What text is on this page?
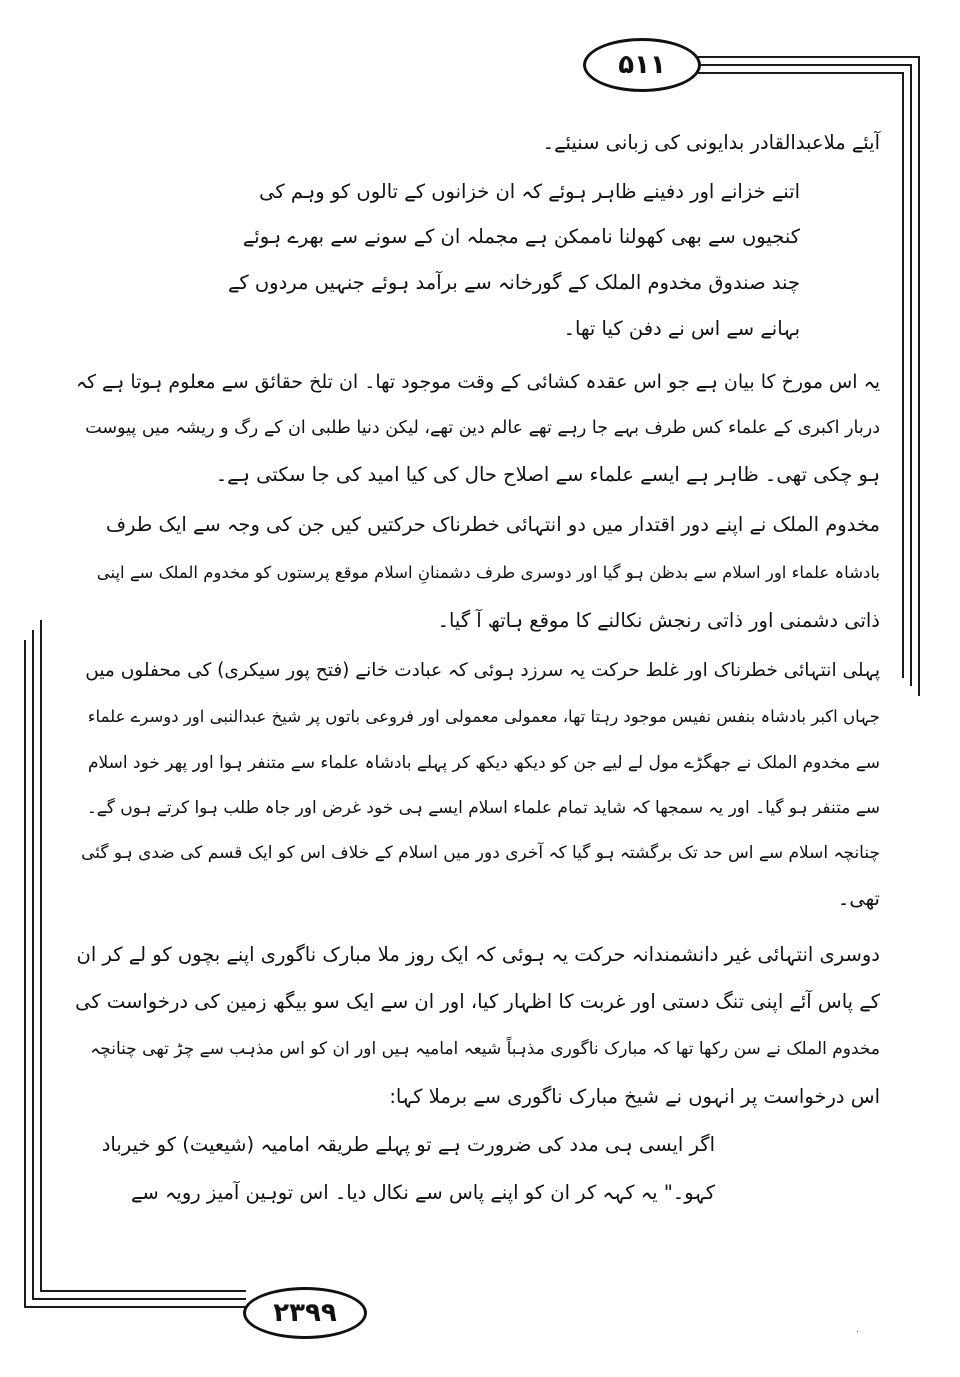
۵۱۱
۲۳۹۹
آیئے ملاعبدالقادر بدایونی کی زبانی سنیئے۔
اتنے خزانے اور دفینے ظاہر ہوئے کہ ان خزانوں کے تالوں کو وہم کی
کنجیوں سے بھی کھولنا ناممکن ہے مجملہ ان کے سونے سے بھرے ہوئے
چند صندوق مخدوم الملک کے گورخانہ سے برآمد ہوئے جنہیں مردوں کے
بہانے سے اس نے دفن کیا تھا۔
یہ اس مورخ کا بیان ہے جو اس عقدہ کشائی کے وقت موجود تھا۔ ان تلخ حقائق سے معلوم ہوتا ہے کہ
دربار اکبری کے علماء کس طرف بہے جا رہے تھے عالم دین تھے، لیکن دنیا طلبی ان کے رگ و ریشہ میں پیوست
ہو چکی تھی۔ ظاہر ہے ایسے علماء سے اصلاح حال کی کیا امید کی جا سکتی ہے۔
مخدوم الملک نے اپنے دور اقتدار میں دو انتہائی خطرناک حرکتیں کیں جن کی وجہ سے ایک طرف
بادشاہ علماء اور اسلام سے بدظن ہو گیا اور دوسری طرف دشمنانِ اسلام موقع پرستوں کو مخدوم الملک سے اپنی
ذاتی دشمنی اور ذاتی رنجش نکالنے کا موقع ہاتھ آ گیا۔
پہلی انتہائی خطرناک اور غلط حرکت یہ سرزد ہوئی کہ عبادت خانے (فتح پور سیکری) کی محفلوں میں
جہاں اکبر بادشاہ بنفس نفیس موجود رہتا تھا، معمولی معمولی اور فروعی باتوں پر شیخ عبدالنبی اور دوسرے علماء
سے مخدوم الملک نے جھگڑے مول لے لیے جن کو دیکھ دیکھ کر پہلے بادشاہ علماء سے متنفر ہوا اور پھر خود اسلام
سے متنفر ہو گیا۔ اور یہ سمجھا کہ شاید تمام علماء اسلام ایسے ہی خود غرض اور جاہ طلب ہوا کرتے ہوں گے۔
چنانچہ اسلام سے اس حد تک برگشتہ ہو گیا کہ آخری دور میں اسلام کے خلاف اس کو ایک قسم کی ضدی ہو گئی
تھی۔
دوسری انتہائی غیر دانشمندانہ حرکت یہ ہوئی کہ ایک روز ملا مبارک ناگوری اپنے بچوں کو لے کر ان
کے پاس آئے اپنی تنگ دستی اور غربت کا اظہار کیا، اور ان سے ایک سو بیگھ زمین کی درخواست کی
مخدوم الملک نے سن رکھا تھا کہ مبارک ناگوری مذہباً شیعہ امامیہ ہیں اور ان کو اس مذہب سے چڑ تھی چنانچہ
اس درخواست پر انہوں نے شیخ مبارک ناگوری سے برملا کہا:
اگر ایسی ہی مدد کی ضرورت ہے تو پہلے طریقہ امامیہ (شیعیت) کو خیرباد
کہو۔" یہ کہہ کر ان کو اپنے پاس سے نکال دیا۔ اس توہین آمیز رویہ سے
·
